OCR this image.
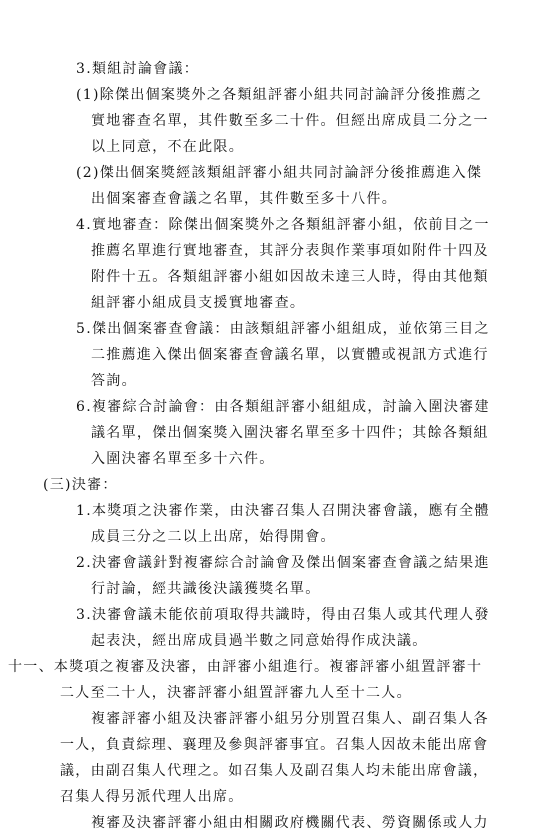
3.類組討論會議：
(1)除傑出個案獎外之各類組評審小組共同討論評分後推薦之
實地審查名單，其件數至多二十件。但經出席成員二分之一
以上同意，不在此限。
(2)傑出個案獎經該類組評審小組共同討論評分後推薦進入傑
出個案審查會議之名單，其件數至多十八件。
4.實地審查：除傑出個案獎外之各類組評審小組，依前目之一
推薦名單進行實地審查，其評分表與作業事項如附件十四及
附件十五。各類組評審小組如因故未達三人時，得由其他類
組評審小組成員支援實地審查。
5.傑出個案審查會議：由該類組評審小組組成，並依第三目之
二推薦進入傑出個案審查會議名單，以實體或視訊方式進行
答詢。
6.複審綜合討論會：由各類組評審小組組成，討論入圍決審建
議名單，傑出個案獎入圍決審名單至多十四件；其餘各類組
入圍決審名單至多十六件。
(三)決審：
1.本獎項之決審作業，由決審召集人召開決審會議，應有全體
成員三分之二以上出席，始得開會。
2.決審會議針對複審綜合討論會及傑出個案審查會議之結果進
行討論，經共識後決議獲獎名單。
3.決審會議未能依前項取得共識時，得由召集人或其代理人發
起表決，經出席成員過半數之同意始得作成決議。
十一、本獎項之複審及決審，由評審小組進行。複審評審小組置評審十
二人至二十人，決審評審小組置評審九人至十二人。
複審評審小組及決審評審小組另分別置召集人、副召集人各
一人，負責綜理、襄理及參與評審事宜。召集人因故未能出席會
議，由副召集人代理之。如召集人及副召集人均未能出席會議，
召集人得另派代理人出席。
複審及決審評審小組由相關政府機關代表、勞資關係或人力
